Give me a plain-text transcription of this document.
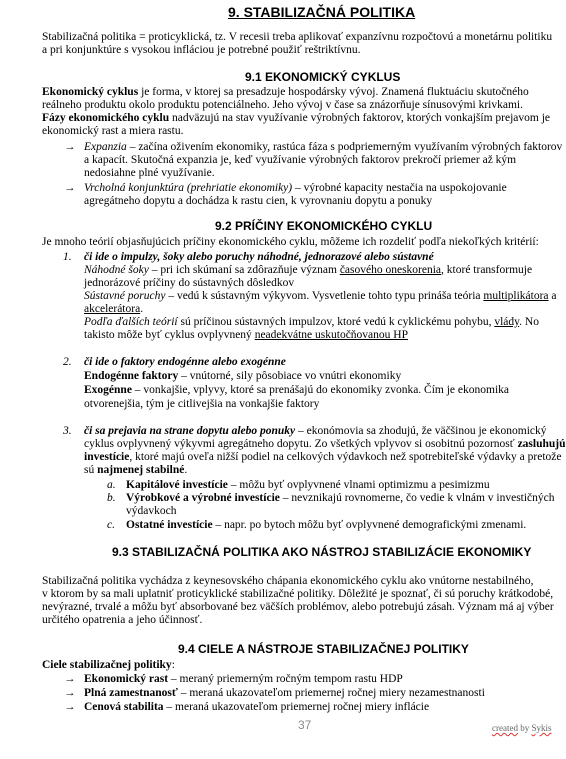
9. STABILIZAČNÁ POLITIKA
Stabilizačná politika = proticyklická, tz. V recesii treba aplikovať expanzívnu rozpočtovú a monetárnu politiku
a pri konjunktúre s vysokou infláciou je potrebné použiť reštriktívnu.
9.1 EKONOMICKÝ CYKLUS
Ekonomický cyklus je forma, v ktorej sa presadzuje hospodársky vývoj. Znamená fluktuáciu skutočného
reálneho produktu okolo produktu potenciálneho. Jeho vývoj v čase sa znázorňuje sínusovými krivkami.
Fázy ekonomického cyklu nadväzujú na stav využívanie výrobných faktorov, ktorých vonkajším prejavom je
ekonomický rast a miera rastu.
→ Expanzia – začína oživením ekonomiky, rastúca fáza s podpriemerným využívaním výrobných faktorov
a kapacít. Skutočná expanzia je, keď využívanie výrobných faktorov prekročí priemer až kým
nedosiahne plné využívanie.
→ Vrcholná konjunktúra (prehriatie ekonomiky) – výrobné kapacity nestačia na uspokojovanie
agregátneho dopytu a dochádza k rastu cien, k vyrovnaniu dopytu a ponuky
9.2 PRÍČINY EKONOMICKÉHO CYKLU
Je mnoho teórií objasňujúcich príčiny ekonomického cyklu, môžeme ich rozdeliť podľa niekoľkých kritérií:
1. či ide o impulzy, šoky alebo poruchy náhodné, jednorazové alebo sústavné
Náhodné šoky – pri ich skúmaní sa zdôrazňuje význam časového oneskorenia, ktoré transformuje
jednorázové príčiny do sústavných dôsledkov
Sústavné poruchy – vedú k sústavným výkyvom. Vysvetlenie tohto typu prináša teória multiplikátora a
akcelerátora.
Podľa ďalších teórií sú príčinou sústavných impulzov, ktoré vedú k cyklickému pohybu, vlády. No
takisto môže byť cyklus ovplyvnený neadekvátne uskutočňovanou HP
2. či ide o faktory endogénne alebo exogénne
Endogénne faktory – vnútorné, sily pôsobiace vo vnútri ekonomiky
Exogénne – vonkajšie, vplyvy, ktoré sa prenášajú do ekonomiky zvonka. Čím je ekonomika
otvorenejšia, tým je citlivejšia na vonkajšie faktory
3. či sa prejavia na strane dopytu alebo ponuky – ekonómovia sa zhodujú, že väčšinou je ekonomický
cyklus ovplyvnený výkyvmi agregátneho dopytu. Zo všetkých vplyvov si osobitnú pozornosť zasluhujú
investície, ktoré majú oveľa nižší podiel na celkových výdavkoch než spotrebiteľské výdavky a pretože
sú najmenej stabilné.
a. Kapitálové investície – môžu byť ovplyvnené vlnami optimizmu a pesimizmu
b. Výrobkové a výrobné investície – nevznikajú rovnomerne, čo vedie k vlnám v investičných
výdavkoch
c. Ostatné investície – napr. po bytoch môžu byť ovplyvnené demografickými zmenami.
9.3 STABILIZAČNÁ POLITIKA AKO NÁSTROJ STABILIZÁCIE EKONOMIKY
Stabilizačná politika vychádza z keynesovského chápania ekonomického cyklu ako vnútorne nestabilného,
v ktorom by sa mali uplatniť proticyklické stabilizačné politiky. Dôležité je spoznať, či sú poruchy krátkodobé,
nevýrazné, trvalé a môžu byť absorbované bez väčších problémov, alebo potrebujú zásah. Význam má aj výber
určitého opatrenia a jeho účinnosť.
9.4 CIELE A NÁSTROJE STABILIZAČNEJ POLITIKY
Ciele stabilizačnej politiky:
→ Ekonomický rast – meraný priemerným ročným tempom rastu HDP
→ Plná zamestnanosť – meraná ukazovateľom priemernej ročnej miery nezamestnanosti
→ Cenová stabilita – meraná ukazovateľom priemernej ročnej miery inflácie
37	created by Sykis
